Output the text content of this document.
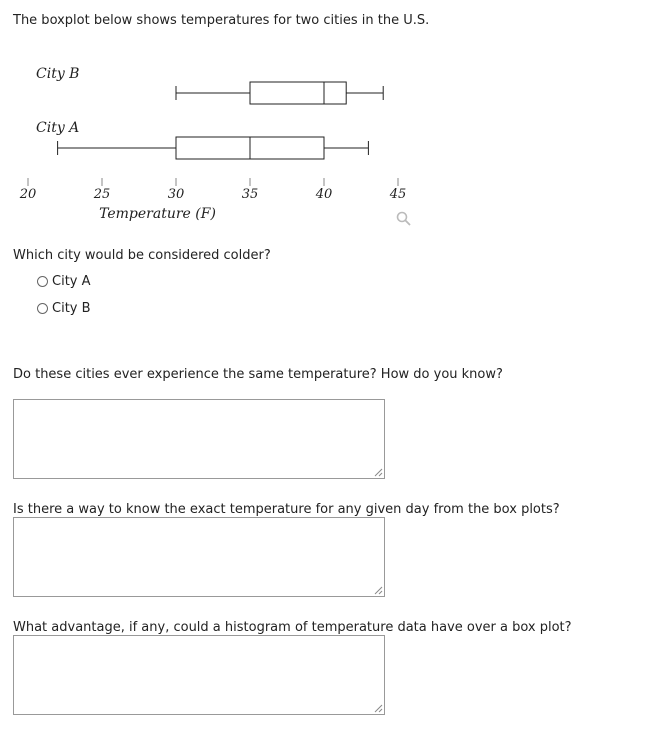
The boxplot below shows temperatures for two cities in the U.S.
City B
City A
20	25	30	35	40	45
Temperature (F)
Which city would be considered colder?
City A
City B
Do these cities ever experience the same temperature? How do you know?
Is there a way to know the exact temperature for any given day from the box plots?
What advantage, if any, could a histogram of temperature data have over a box plot?
